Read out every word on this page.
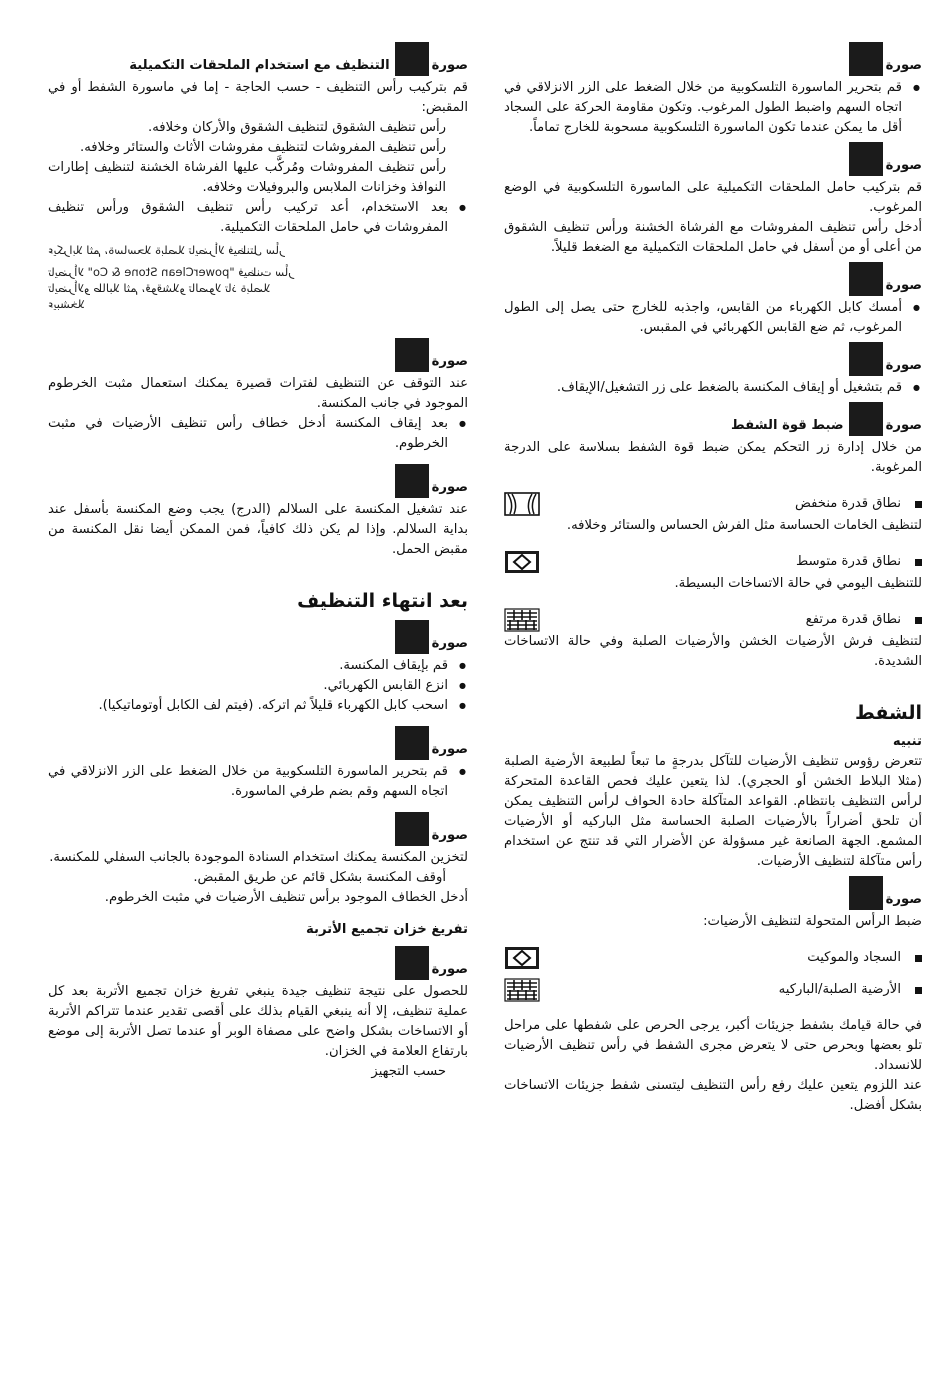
صورة
● قم بتحرير الماسورة التلسكوبية من خلال الضغط على الزر الانزلاقي في اتجاه السهم واضبط الطول المرغوب. وتكون مقاومة الحركة على السجاد أقل ما يمكن عندما تكون الماسورة التلسكوبية مسحوبة للخارج تماماً.
صورة

قم بتركيب حامل الملحقات التكميلية على الماسورة التلسكوبية في الوضع المرغوب.

أدخل رأس تنظيف المفروشات مع الفرشاة الخشنة ورأس تنظيف الشقوق من أعلى أو من أسفل في حامل الملحقات التكميلية مع الضغط قليلاً.

صورة
● أمسك كابل الكهرباء من القابس، واجذبه للخارج حتى يصل إلى الطول المرغوب، ثم ضع القابس الكهربائي في المقبس.
صورة
● قم بتشغيل أو إيقاف المكنسة بالضغط على زر التشغيل/الإيقاف.
صورة
ضبط قوة الشفط

من خلال إدارة زر التحكم يمكن ضبط قوة الشفط بسلاسة على الدرجة المرغوبة.

نطاق قدرة منخفض

لتنظيف الخامات الحساسة مثل الفرش الحساس والستائر وخلافه.

نطاق قدرة متوسط

للتنظيف اليومي في حالة الاتساخات البسيطة.

نطاق قدرة مرتفع

لتنظيف فرش الأرضيات الخشن والأرضيات الصلبة وفي حالة الاتساخات الشديدة.

الشفط

تنبيه

تتعرض رؤوس تنظيف الأرضيات للتآكل بدرجةٍ ما تبعاً لطبيعة الأرضية الصلبة (مثلا البلاط الخشن أو الحجري). لذا يتعين عليك فحص القاعدة المتحركة لرأس التنظيف بانتظام. القواعد المتآكلة حادة الحواف لرأس التنظيف يمكن أن تلحق أضراراً بالأرضيات الصلبة الحساسة مثل الباركيه أو الأرضيات المشمع. الجهة الصانعة غير مسؤولة عن الأضرار التي قد تنتج عن استخدام رأس متآكلة لتنظيف الأرضيات.

صورة

ضبط الرأس المتحولة لتنظيف الأرضيات:

السجاد والموكيت
الأرضية الصلبة/الباركيه

في حالة قيامك بشفط جزيئات أكبر، يرجى الحرص على شفطها على مراحل تلو بعضها وبحرص حتى لا يتعرض مجرى الشفط في رأس تنظيف الأرضيات للانسداد.

عند اللزوم يتعين عليك رفع رأس التنظيف ليتسنى شفط جزيئات الاتساخات بشكل أفضل.

صورة
التنظيف مع استخدام الملحقات التكميلية

قم بتركيب رأس التنظيف - حسب الحاجة - إما في ماسورة الشفط أو في المقبض:

رأس تنظيف الشقوق لتنظيف الشقوق والأركان وخلافه.

رأس تنظيف المفروشات لتنظيف مفروشات الأثاث والستائر وخلافه.

رأس تنظيف المفروشات ومُركَّب عليها الفرشاة الخشنة لتنظيف إطارات النوافذ وخزانات الملابس والبروفيلات وخلافه.

● بعد الاستخدام، أعد تركيب رأس تنظيف الشقوق ورأس تنظيف المفروشات في حامل الملحقات التكميلية.
ءيكرابلا لثم ،ةساسحلا ةبلصلا تايضرألا فيظنتل سأر
تايضرألا "powerClean Stone & Co" فيظنت سأر
تايضرألاو طالبلا لثم ،قوقشلاو تالصولا تاذ ةبلصلا
ءيبشخلا
صورة

عند التوقف عن التنظيف لفترات قصيرة يمكنك استعمال مثبت الخرطوم الموجود في جانب المكنسة.

● بعد إيقاف المكنسة أدخل خطاف رأس تنظيف الأرضيات في مثبت الخرطوم.
صورة

عند تشغيل المكنسة على السلالم (الدرج) يجب وضع المكنسة بأسفل عند بداية السلالم. وإذا لم يكن ذلك كافياً، فمن الممكن أيضا نقل المكنسة من مقبض الحمل.

بعد انتهاء التنظيف
صورة
● قم بإيقاف المكنسة.
● انزع القابس الكهربائي.
● اسحب كابل الكهرباء قليلاً ثم اتركه. (فيتم لف الكابل أوتوماتيكيا).
صورة
● قم بتحرير الماسورة التلسكوبية من خلال الضغط على الزر الانزلاقي في اتجاه السهم وقم بضم طرفي الماسورة.
صورة

لتخزين المكنسة يمكنك استخدام السنادة الموجودة بالجانب السفلي للمكنسة.

أوقف المكنسة بشكل قائم عن طريق المقبض.

أدخل الخطاف الموجود برأس تنظيف الأرضيات في مثبت الخرطوم.

تفريغ خزان تجميع الأتربة

صورة

للحصول على نتيجة تنظيف جيدة ينبغي تفريغ خزان تجميع الأتربة بعد كل عملية تنظيف، إلا أنه ينبغي القيام بذلك على أقصى تقدير عندما تتراكم الأتربة أو الاتساخات بشكل واضح على مصفاة الوبر أو عندما تصل الأتربة إلى موضع بارتفاع العلامة في الخزان.

حسب التجهيز
